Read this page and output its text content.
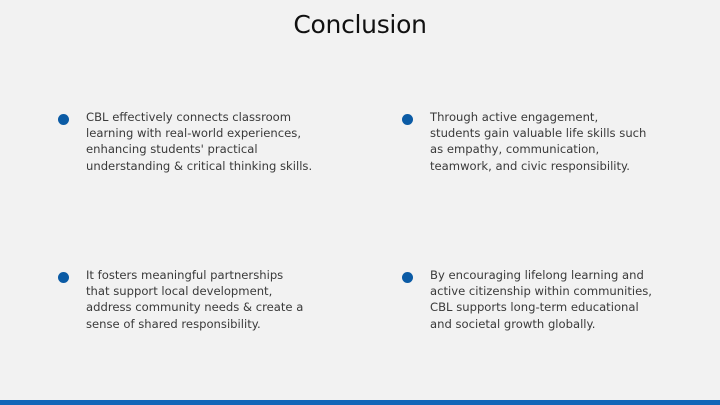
Conclusion

CBL effectively connects classroom
learning with real-world experiences,
enhancing students' practical
understanding & critical thinking skills.

Through active engagement,
students gain valuable life skills such
as empathy, communication,
teamwork, and civic responsibility.

It fosters meaningful partnerships
that support local development,
address community needs & create a
sense of shared responsibility.

By encouraging lifelong learning and
active citizenship within communities,
CBL supports long-term educational
and societal growth globally.
